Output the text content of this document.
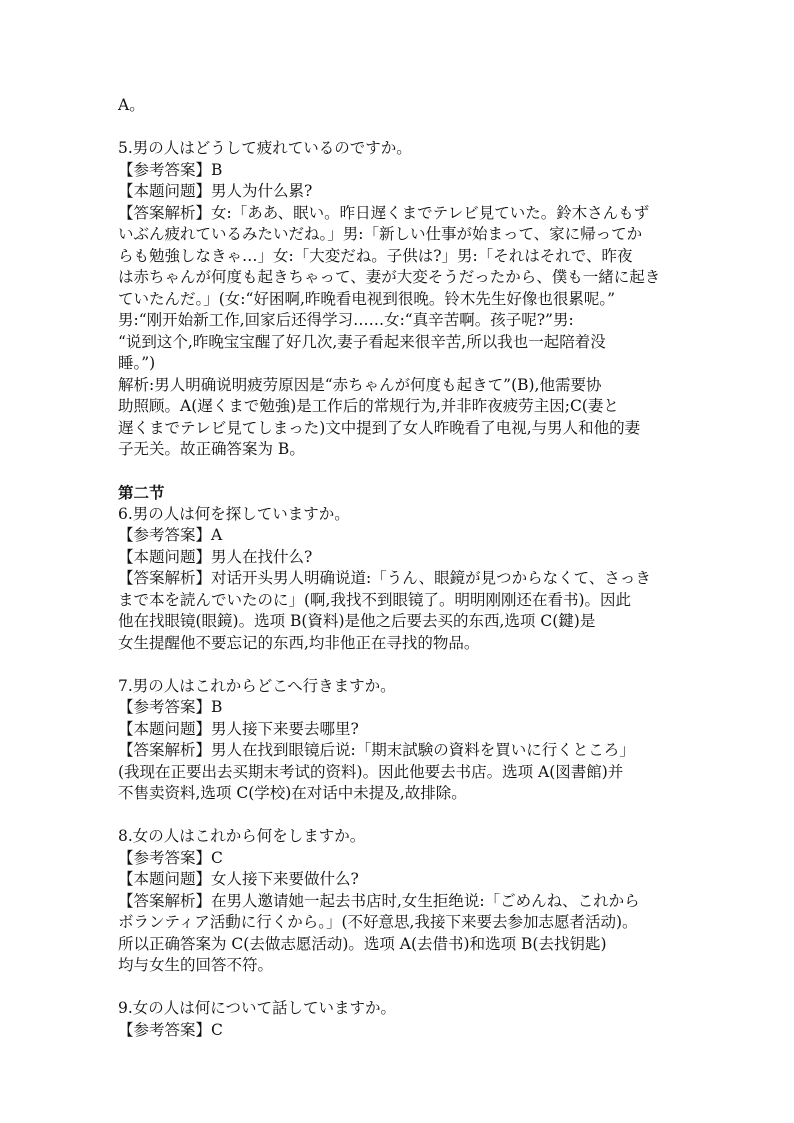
A。

5.男の人はどうして疲れているのですか。

【参考答案】B

【本题问题】男人为什么累?

【答案解析】女:「ああ、眠い。昨日遅くまでテレビ見ていた。鈴木さんもず

いぶん疲れているみたいだね。」男:「新しい仕事が始まって、家に帰ってか

らも勉強しなきゃ…」女:「大変だね。子供は?」男:「それはそれで、昨夜

は赤ちゃんが何度も起きちゃって、妻が大変そうだったから、僕も一緒に起き

ていたんだ。」(女:“好困啊,昨晚看电视到很晚。铃木先生好像也很累呢。”

男:“刚开始新工作,回家后还得学习……女:“真辛苦啊。孩子呢?”男:

“说到这个,昨晚宝宝醒了好几次,妻子看起来很辛苦,所以我也一起陪着没

睡。”)

解析:男人明确说明疲劳原因是“赤ちゃんが何度も起きて”(B),他需要协

助照顾。A(遅くまで勉強)是工作后的常规行为,并非昨夜疲劳主因;C(妻と

遅くまでテレビ見てしまった)文中提到了女人昨晚看了电视,与男人和他的妻

子无关。故正确答案为 B。

第二节

6.男の人は何を探していますか。

【参考答案】A

【本题问题】男人在找什么?

【答案解析】对话开头男人明确说道:「うん、眼鏡が見つからなくて、さっき

まで本を読んでいたのに」(啊,我找不到眼镜了。明明刚刚还在看书)。因此

他在找眼镜(眼鏡)。选项 B(資料)是他之后要去买的东西,选项 C(鍵)是

女生提醒他不要忘记的东西,均非他正在寻找的物品。

7.男の人はこれからどこへ行きますか。

【参考答案】B

【本题问题】男人接下来要去哪里?

【答案解析】男人在找到眼镜后说:「期末試験の資料を買いに行くところ」

(我现在正要出去买期末考试的资料)。因此他要去书店。选项 A(図書館)并

不售卖资料,选项 C(学校)在对话中未提及,故排除。

8.女の人はこれから何をしますか。

【参考答案】C

【本题问题】女人接下来要做什么?

【答案解析】在男人邀请她一起去书店时,女生拒绝说:「ごめんね、これから

ボランティア活動に行くから。」(不好意思,我接下来要去参加志愿者活动)。

所以正确答案为 C(去做志愿活动)。选项 A(去借书)和选项 B(去找钥匙)

均与女生的回答不符。

9.女の人は何について話していますか。

【参考答案】C
